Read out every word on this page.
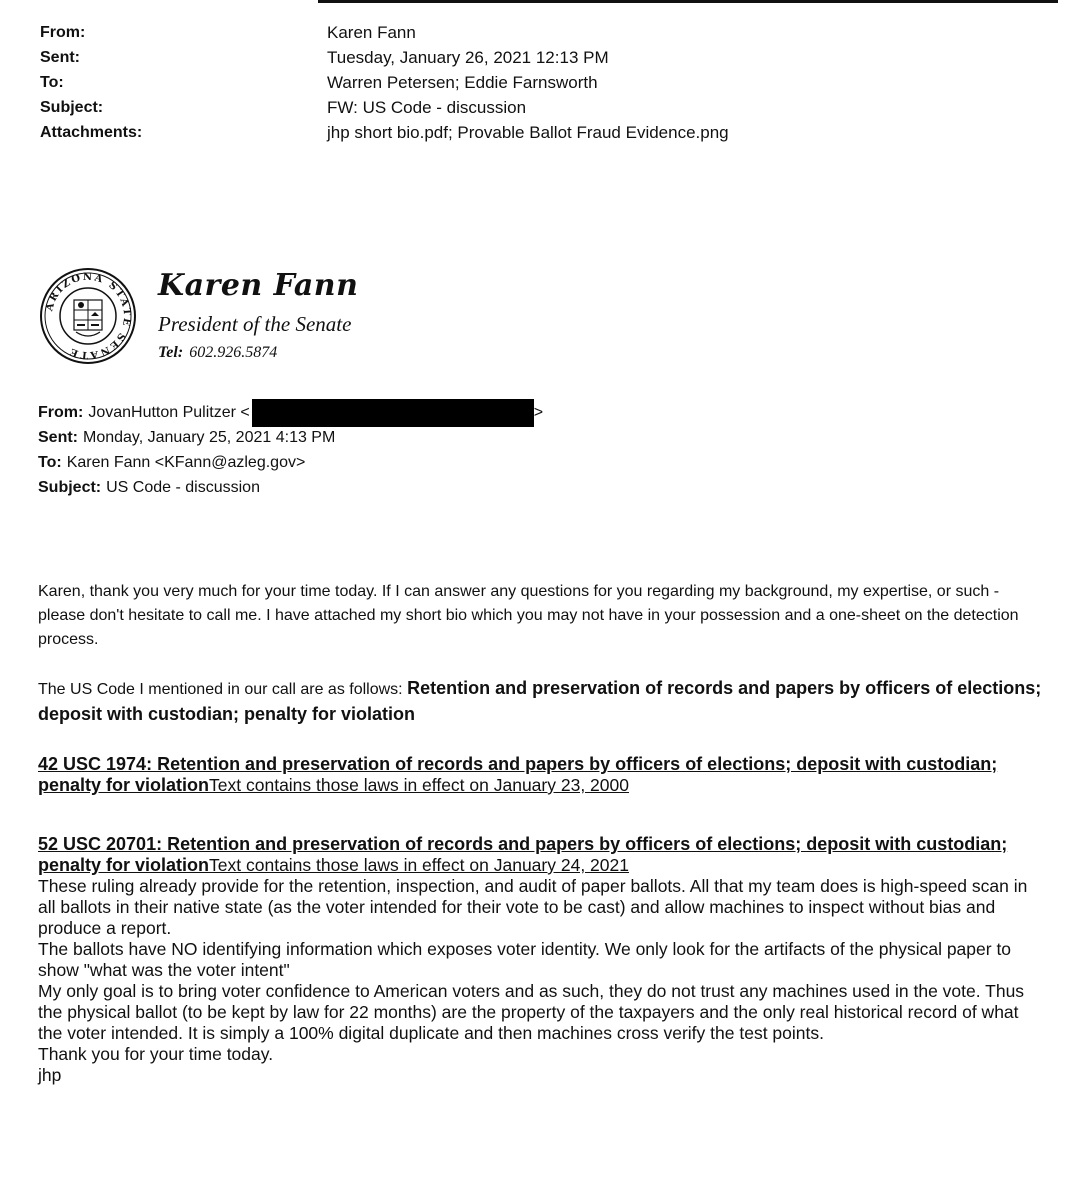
From:	Karen Fann
Sent:	Tuesday, January 26, 2021 12:13 PM
To:	Warren Petersen; Eddie Farnsworth
Subject:	FW: US Code - discussion
Attachments:	jhp short bio.pdf; Provable Ballot Fraud Evidence.png
ARIZONA STATE SENATE
Karen Fann
President of the Senate
Tel: 602.926.5874
From: JovanHutton Pulitzer <	>
Sent: Monday, January 25, 2021 4:13 PM
To: Karen Fann <KFann@azleg.gov>
Subject: US Code - discussion

Karen, thank you very much for your time today. If I can answer any questions for you regarding my background, my expertise, or such - please don't hesitate to call me. I have attached my short bio which you may not have in your possession and a one-sheet on the detection process.

The US Code I mentioned in our call are as follows: Retention and preservation of records and papers by officers of elections; deposit with custodian; penalty for violation

42 USC 1974: Retention and preservation of records and papers by officers of elections; deposit with custodian; penalty for violationText contains those laws in effect on January 23, 2000

52 USC 20701: Retention and preservation of records and papers by officers of elections; deposit with custodian; penalty for violationText contains those laws in effect on January 24, 2021

These ruling already provide for the retention, inspection, and audit of paper ballots. All that my team does is high-speed scan in all ballots in their native state (as the voter intended for their vote to be cast) and allow machines to inspect without bias and produce a report.

The ballots have NO identifying information which exposes voter identity. We only look for the artifacts of the physical paper to show "what was the voter intent"

My only goal is to bring voter confidence to American voters and as such, they do not trust any machines used in the vote. Thus the physical ballot (to be kept by law for 22 months) are the property of the taxpayers and the only real historical record of what the voter intended. It is simply a 100% digital duplicate and then machines cross verify the test points.

Thank you for your time today.

jhp
